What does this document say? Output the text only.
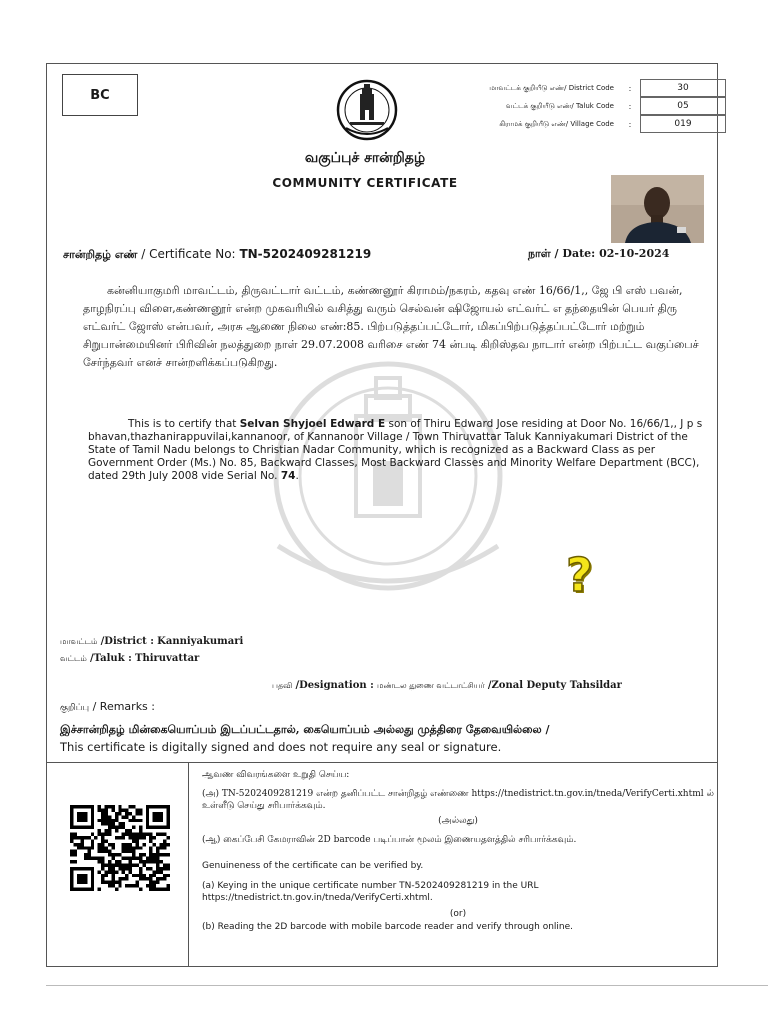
BC	மாவட்டக் குறியீடு எண்/ District Code	:	30
வட்டக் குறியீடு எண்/ Taluk Code	:	05
கிராமக் குறியீடு எண்/ Village Code	:	019
வகுப்புச் சான்றிதழ்
COMMUNITY CERTIFICATE
சான்றிதழ் எண் / Certificate No: TN-5202409281219	நாள் / Date: 02-10-2024
கன்னியாகுமரி மாவட்டம், திருவட்டார் வட்டம், கண்ணனூர் கிராமம்/நகரம், கதவு எண் 16/66/1,, ஜே பி எஸ் பவன், தாழநிரப்பு விளை,கண்ணனூர் என்ற முகவரியில் வசித்து வரும் செல்வன் ஷிஜோயல் எட்வர்ட் எ தந்தையின் பெயர் திரு எட்வர்ட் ஜோஸ் என்பவர், அரசு ஆணை நிலை எண்:85. பிற்படுத்தப்பட்டோர், மிகப்பிற்படுத்தப்பட்டோர் மற்றும் சிறுபான்மையினர் பிரிவின் நலத்துறை நாள் 29.07.2008 வரிசை எண் 74 ன்படி கிறிஸ்தவ நாடார் என்ற பிற்பட்ட வகுப்பைச் சேர்ந்தவர் எனச் சான்றளிக்கப்படுகிறது.
This is to certify that Selvan Shyjoel Edward E son of Thiru Edward Jose residing at Door No. 16/66/1,, J p s bhavan,thazhanirappuvilai,kannanoor, of Kannanoor Village / Town Thiruvattar Taluk Kanniyakumari District of the State of Tamil Nadu belongs to Christian Nadar Community, which is recognized as a Backward Class as per Government Order (Ms.) No. 85, Backward Classes, Most Backward Classes and Minority Welfare Department (BCC), dated 29th July 2008 vide Serial No. 74.
?
மாவட்டம் /District : Kanniyakumari
வட்டம் /Taluk : Thiruvattar
பதவி /Designation : மண்டல துணை வட்டாட்சியர் /Zonal Deputy Tahsildar
குறிப்பு / Remarks :
இச்சான்றிதழ் மின்கையொப்பம் இடப்பட்டதால், கையொப்பம் அல்லது முத்திரை தேவையில்லை /
This certificate is digitally signed and does not require any seal or signature.
ஆவண விவரங்களை உறுதி செய்ய:
(அ) TN-5202409281219 என்ற தனிப்பட்ட சான்றிதழ் எண்ணை https://tnedistrict.tn.gov.in/tneda/VerifyCerti.xhtml ல் உள்ளீடு செய்து சரிபார்க்கவும்.
(அல்லது)
(ஆ) கைப்பேசி கேமராவின் 2D barcode படிப்பான் மூலம் இணையதளத்தில் சரிபார்க்கவும்.
Genuineness of the certificate can be verified by.
(a) Keying in the unique certificate number TN-5202409281219 in the URL https://tnedistrict.tn.gov.in/tneda/VerifyCerti.xhtml.
(or)
(b) Reading the 2D barcode with mobile barcode reader and verify through online.
